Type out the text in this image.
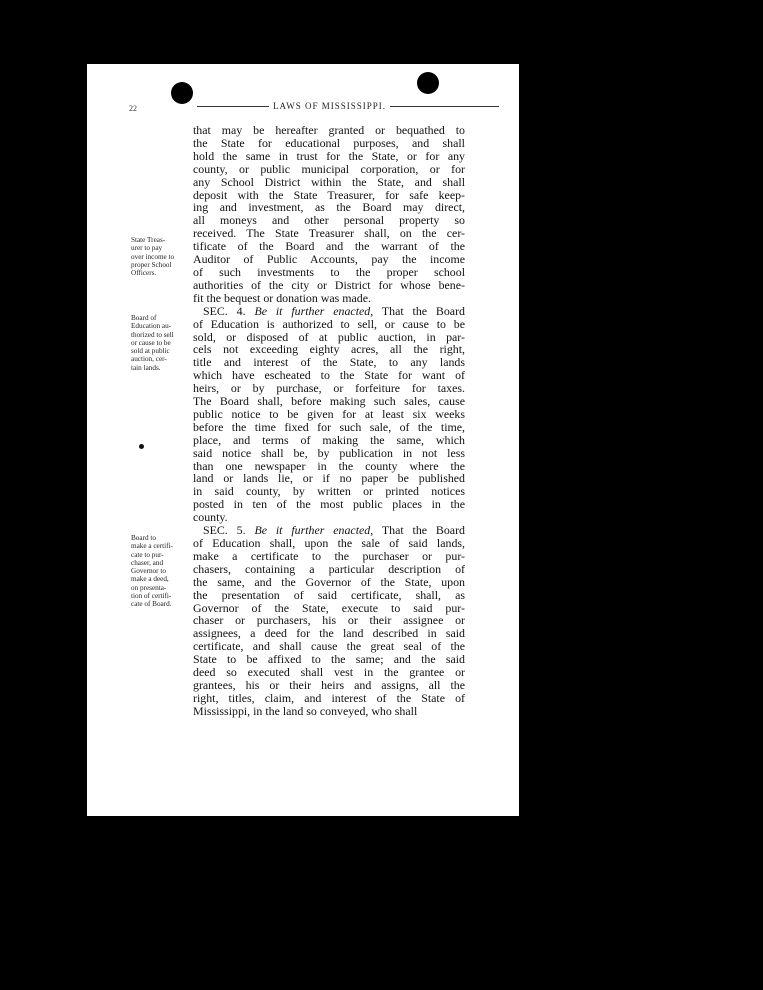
LAWS OF MISSISSIPPI.
22
that may be hereafter granted or bequathed to
the State for educational purposes, and shall
hold the same in trust for the State, or for any
county, or public municipal corporation, or for
any School District within the State, and shall
deposit with the State Treasurer, for safe keep-
ing and investment, as the Board may direct,
all moneys and other personal property so
received. The State Treasurer shall, on the cer-
tificate of the Board and the warrant of the
Auditor of Public Accounts, pay the income
of such investments to the proper school
authorities of the city or District for whose bene-
fit the bequest or donation was made.
SEC. 4. Be it further enacted, That the Board
of Education is authorized to sell, or cause to be
sold, or disposed of at public auction, in par-
cels not exceeding eighty acres, all the right,
title and interest of the State, to any lands
which have escheated to the State for want of
heirs, or by purchase, or forfeiture for taxes.
The Board shall, before making such sales, cause
public notice to be given for at least six weeks
before the time fixed for such sale, of the time,
place, and terms of making the same, which
said notice shall be, by publication in not less
than one newspaper in the county where the
land or lands lie, or if no paper be published
in said county, by written or printed notices
posted in ten of the most public places in the
county.
SEC. 5. Be it further enacted, That the Board
of Education shall, upon the sale of said lands,
make a certificate to the purchaser or pur-
chasers, containing a particular description of
the same, and the Governor of the State, upon
the presentation of said certificate, shall, as
Governor of the State, execute to said pur-
chaser or purchasers, his or their assignee or
assignees, a deed for the land described in said
certificate, and shall cause the great seal of the
State to be affixed to the same; and the said
deed so executed shall vest in the grantee or
grantees, his or their heirs and assigns, all the
right, titles, claim, and interest of the State of
Mississippi, in the land so conveyed, who shall
State Treas-
urer to pay
over income to
proper School
Officers.
Board of
Education au-
thorized to sell
or cause to be
sold at public
auction, cer-
tain lands.
Board to
make a certifi-
cate to pur-
chaser, and
Governor to
make a deed,
on presenta-
tion of certifi-
cate of Board.
